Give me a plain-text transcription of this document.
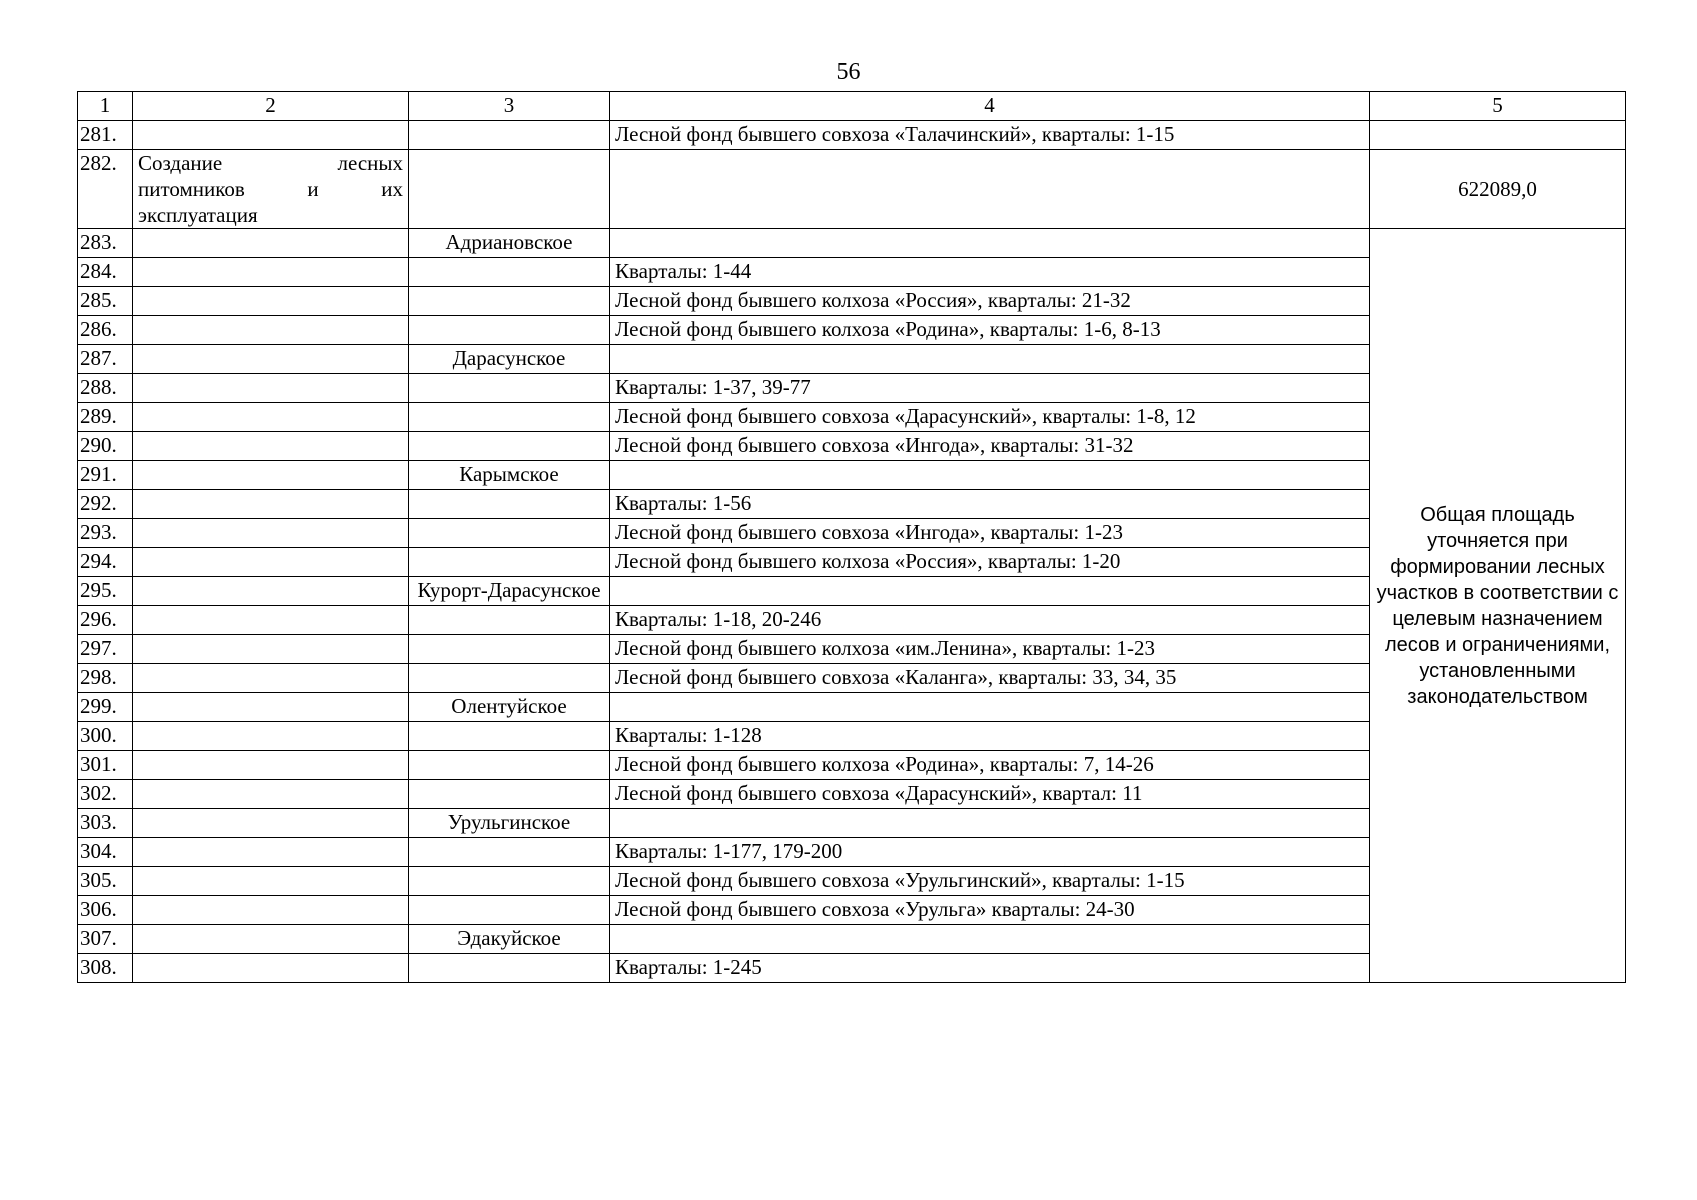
56
1	2	3	4	5
281.			Лесной фонд бывшего совхоза «Талачинский», кварталы: 1-15	
282.	Создание лесных питомников и их эксплуатация			622089,0
283.		Адриановское		Общая площадь уточняется при формировании лесных участков в соответствии с целевым назначением лесов и ограничениями, установленными законодательством
284.			Кварталы: 1-44	
285.			Лесной фонд бывшего колхоза «Россия», кварталы: 21-32	
286.			Лесной фонд бывшего колхоза «Родина», кварталы: 1-6, 8-13	
287.		Дарасунское		
288.			Кварталы: 1-37, 39-77	
289.			Лесной фонд бывшего совхоза «Дарасунский», кварталы: 1-8, 12	
290.			Лесной фонд бывшего совхоза «Ингода», кварталы: 31-32	
291.		Карымское		
292.			Кварталы: 1-56	
293.			Лесной фонд бывшего совхоза «Ингода», кварталы: 1-23	
294.			Лесной фонд бывшего колхоза «Россия», кварталы: 1-20	
295.		Курорт-Дарасунское		
296.			Кварталы: 1-18, 20-246	
297.			Лесной фонд бывшего колхоза «им.Ленина», кварталы: 1-23	
298.			Лесной фонд бывшего совхоза «Каланга», кварталы: 33, 34, 35	
299.		Олентуйское		
300.			Кварталы: 1-128	
301.			Лесной фонд бывшего колхоза «Родина», кварталы: 7, 14-26	
302.			Лесной фонд бывшего совхоза «Дарасунский», квартал: 11	
303.		Урульгинское		
304.			Кварталы: 1-177, 179-200	
305.			Лесной фонд бывшего совхоза «Урульгинский», кварталы: 1-15	
306.			Лесной фонд бывшего совхоза «Урульга» кварталы: 24-30	
307.		Эдакуйское		
308.			Кварталы: 1-245	
